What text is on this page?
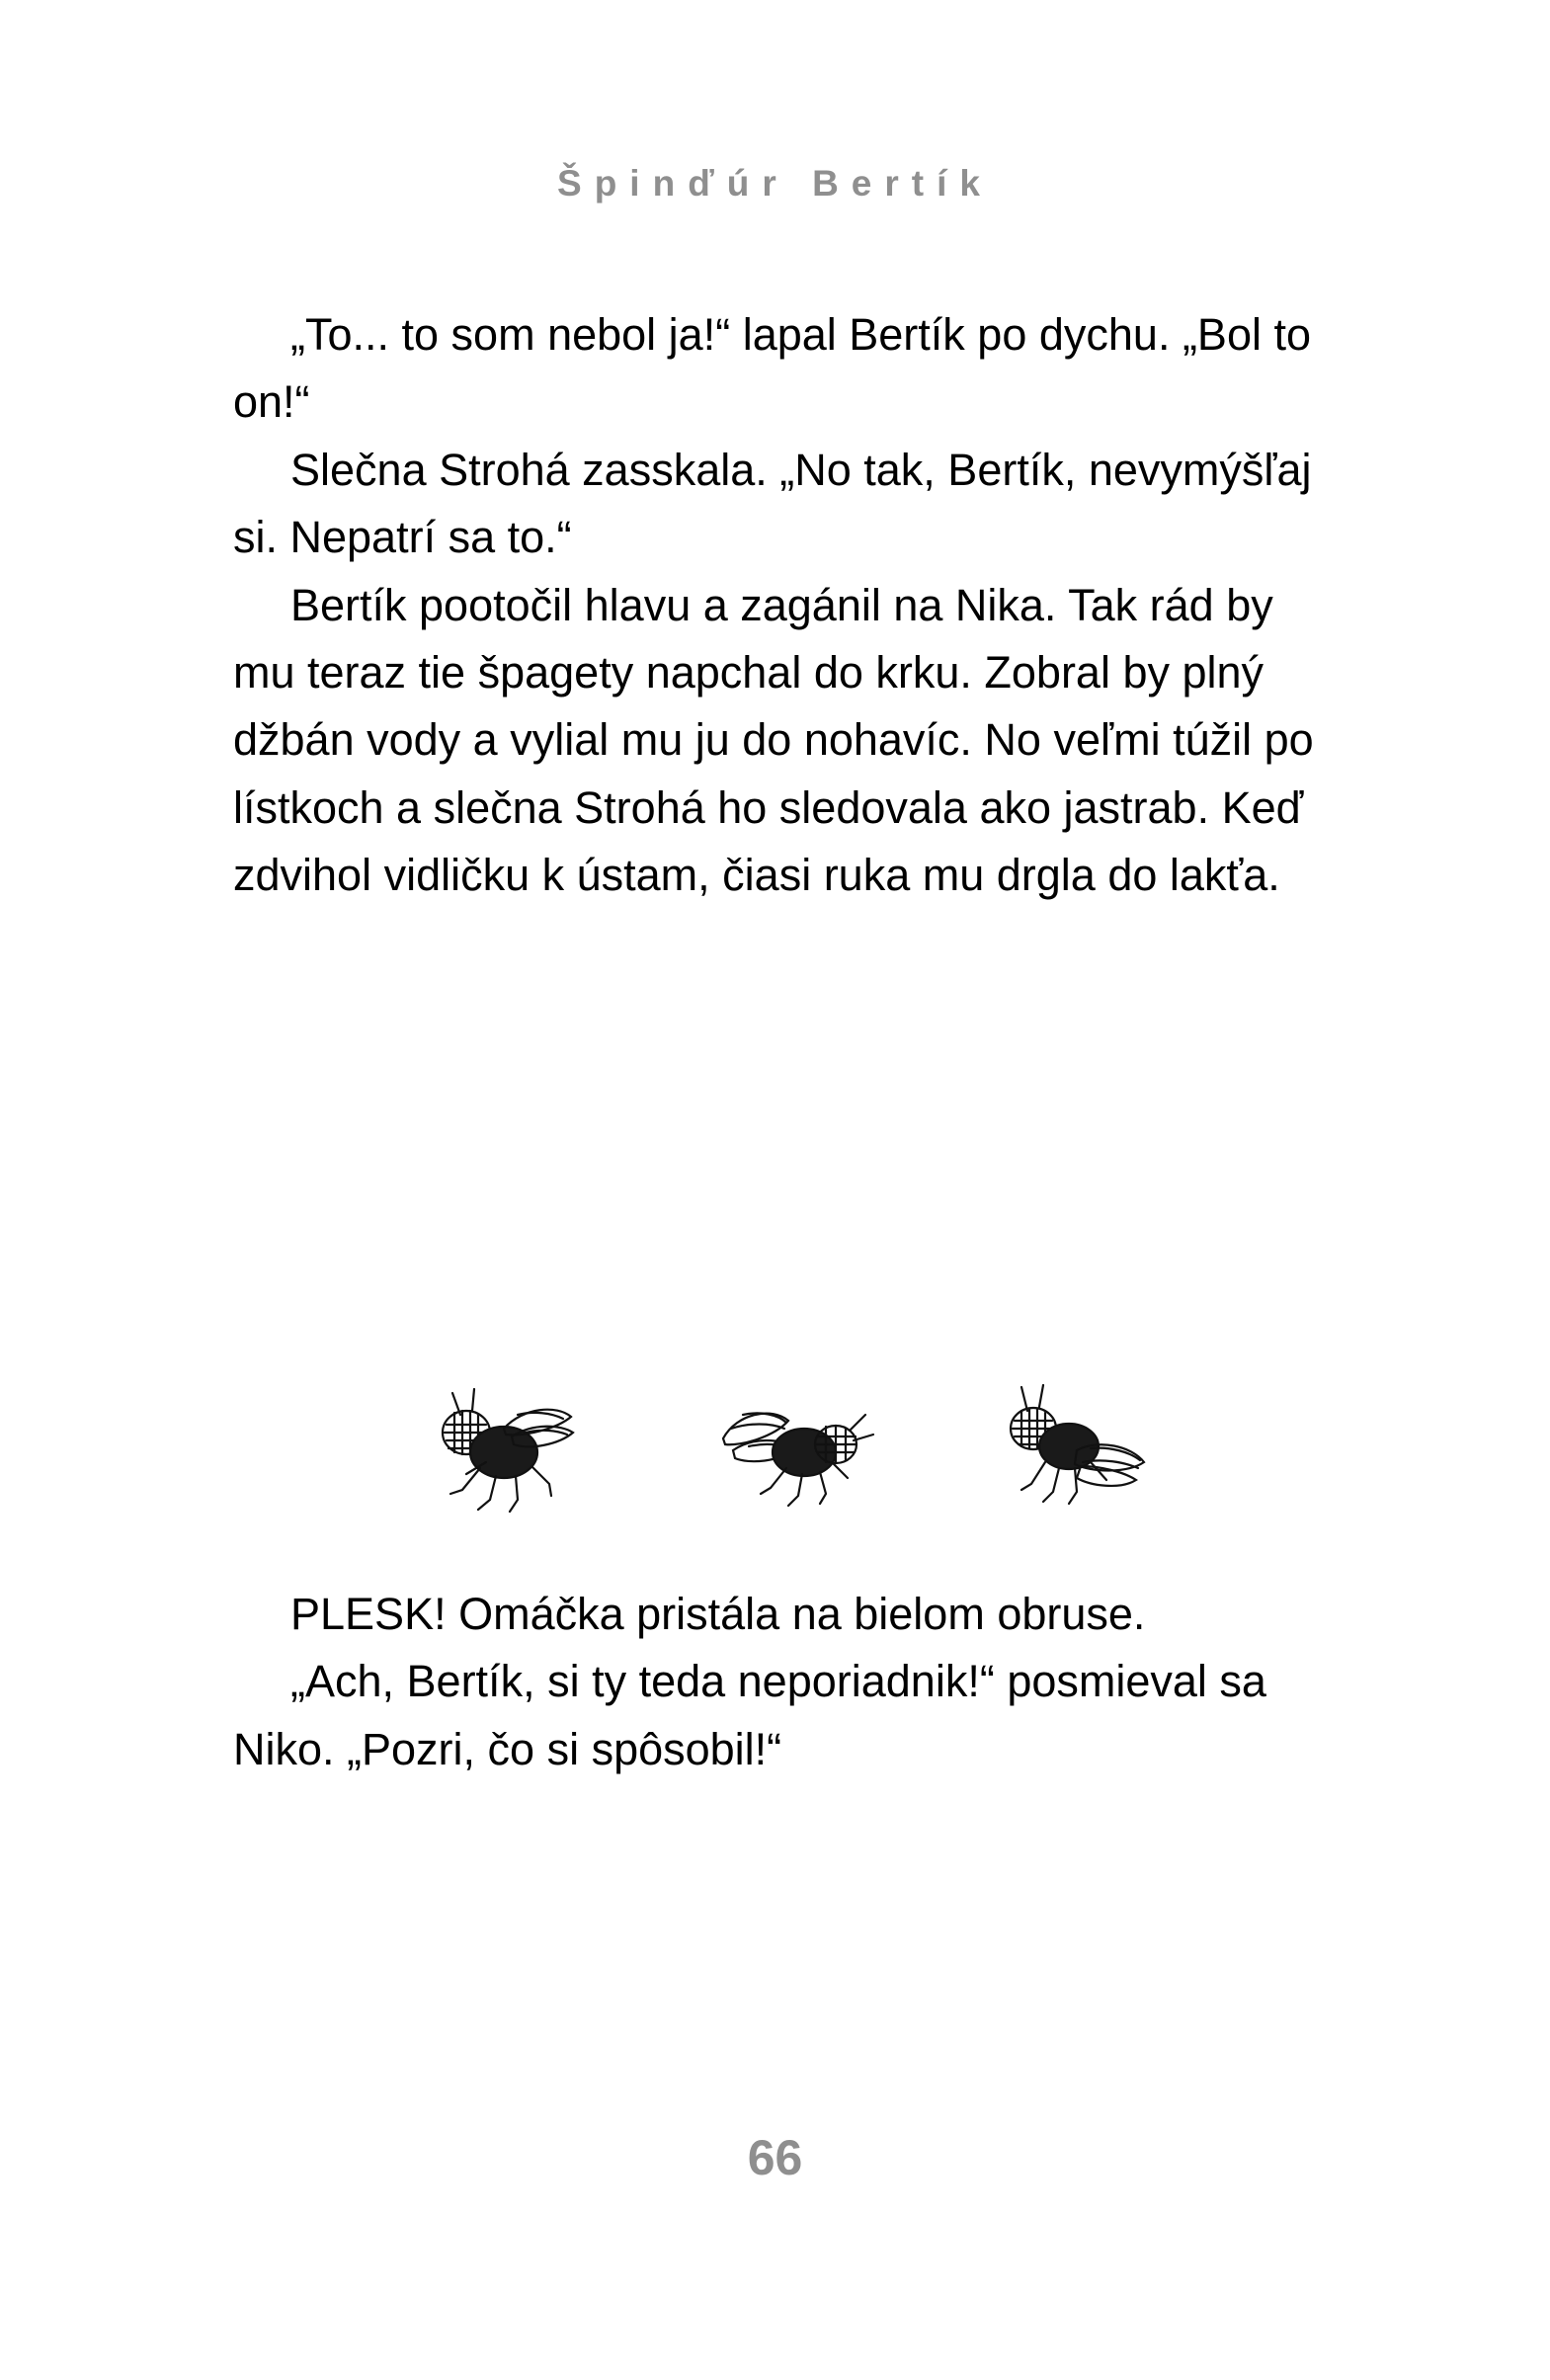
Špinďúr Bertík

„To... to som nebol ja!“ lapal Bertík po dychu. „Bol to on!“

Slečna Strohá zasskala. „No tak, Bertík, nevymýšľaj si. Nepatrí sa to.“

Bertík pootočil hlavu a zagánil na Nika. Tak rád by mu teraz tie špagety napchal do krku. Zobral by plný džbán vody a vylial mu ju do nohavíc. No veľmi túžil po lístkoch a slečna Strohá ho sledovala ako jastrab. Keď zdvihol vidličku k ústam, čiasi ruka mu drgla do lakťa.

PLESK! Omáčka pristála na bielom obruse.

„Ach, Bertík, si ty teda neporiadnik!“ posmieval sa Niko. „Pozri, čo si spôsobil!“

66
